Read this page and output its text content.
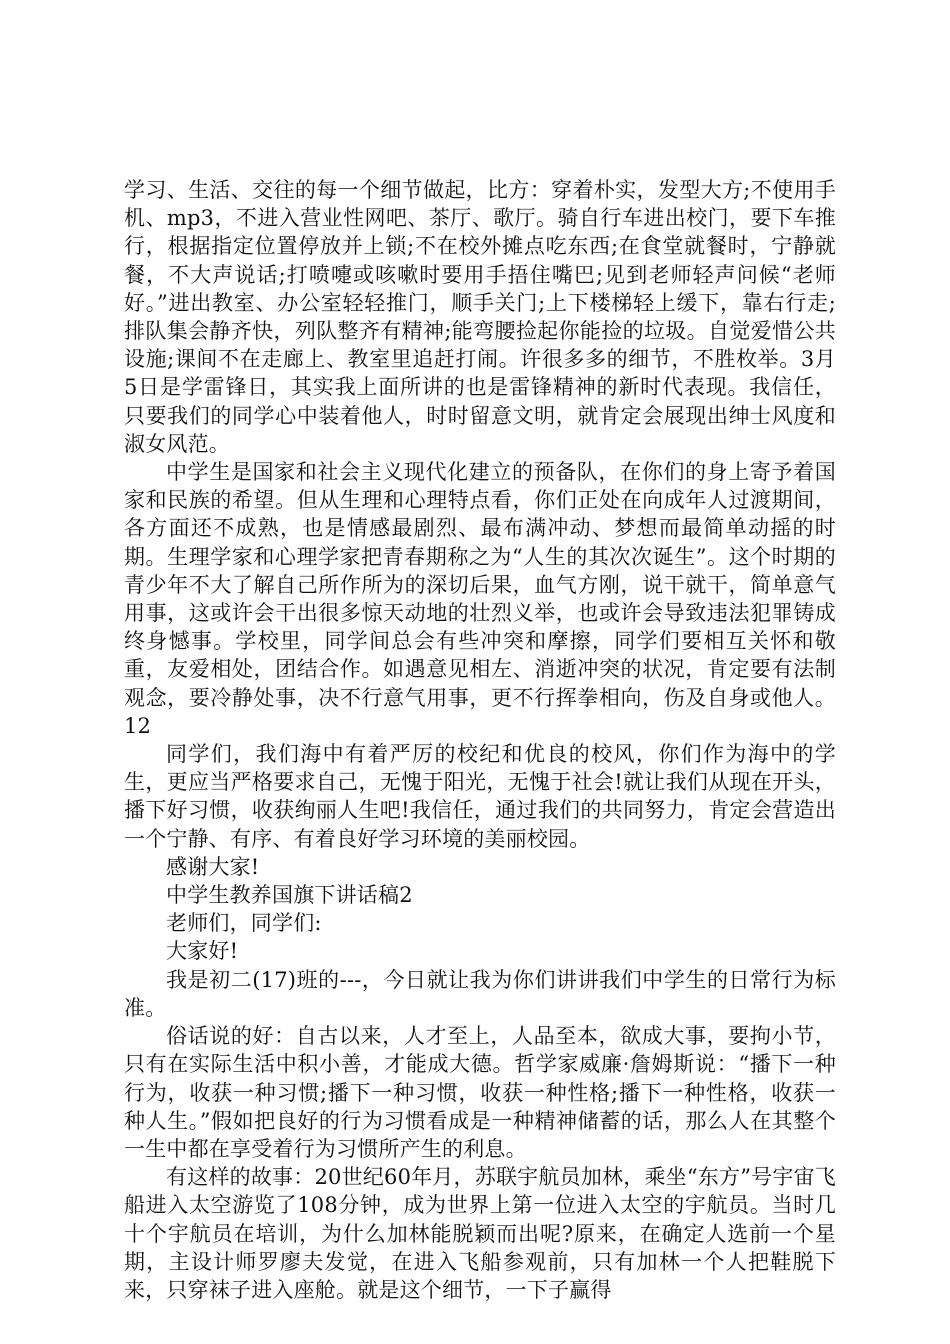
学习、生活、交往的每一个细节做起，比方：穿着朴实，发型大方;不使用手机、mp3，不进入营业性网吧、茶厅、歌厅。骑自行车进出校门，要下车推行，根据指定位置停放并上锁;不在校外摊点吃东西;在食堂就餐时，宁静就餐，不大声说话;打喷嚏或咳嗽时要用手捂住嘴巴;见到老师轻声问候“老师好。”进出教室、办公室轻轻推门，顺手关门;上下楼梯轻上缓下，靠右行走;排队集会静齐快，列队整齐有精神;能弯腰捡起你能捡的垃圾。自觉爱惜公共设施;课间不在走廊上、教室里追赶打闹。许很多多的细节，不胜枚举。3月5日是学雷锋日，其实我上面所讲的也是雷锋精神的新时代表现。我信任，只要我们的同学心中装着他人，时时留意文明，就肯定会展现出绅士风度和淑女风范。

中学生是国家和社会主义现代化建立的预备队，在你们的身上寄予着国家和民族的希望。但从生理和心理特点看，你们正处在向成年人过渡期间，各方面还不成熟，也是情感最剧烈、最布满冲动、梦想而最简单动摇的时期。生理学家和心理学家把青春期称之为“人生的其次次诞生”。这个时期的青少年不大了解自己所作所为的深切后果，血气方刚，说干就干，简单意气用事，这或许会干出很多惊天动地的壮烈义举，也或许会导致违法犯罪铸成终身憾事。学校里，同学间总会有些冲突和摩擦，同学们要相互关怀和敬重，友爱相处，团结合作。如遇意见相左、消逝冲突的状况，肯定要有法制观念，要冷静处事，决不行意气用事，更不行挥拳相向，伤及自身或他人。12

同学们，我们海中有着严厉的校纪和优良的校风，你们作为海中的学生，更应当严格要求自己，无愧于阳光，无愧于社会!就让我们从现在开头，播下好习惯，收获绚丽人生吧!我信任，通过我们的共同努力，肯定会营造出一个宁静、有序、有着良好学习环境的美丽校园。

感谢大家!

中学生教养国旗下讲话稿2

老师们，同学们:

大家好!

我是初二(17)班的---，今日就让我为你们讲讲我们中学生的日常行为标准。

俗话说的好：自古以来，人才至上，人品至本，欲成大事，要拘小节，只有在实际生活中积小善，才能成大德。哲学家威廉·詹姆斯说：“播下一种行为，收获一种习惯;播下一种习惯，收获一种性格;播下一种性格，收获一种人生。”假如把良好的行为习惯看成是一种精神储蓄的话，那么人在其整个一生中都在享受着行为习惯所产生的利息。

有这样的故事：20世纪60年月，苏联宇航员加林，乘坐“东方”号宇宙飞船进入太空游览了108分钟，成为世界上第一位进入太空的宇航员。当时几十个宇航员在培训，为什么加林能脱颖而出呢?原来，在确定人选前一个星期，主设计师罗廖夫发觉，在进入飞船参观前，只有加林一个人把鞋脱下来，只穿袜子进入座舱。就是这个细节，一下子赢得
